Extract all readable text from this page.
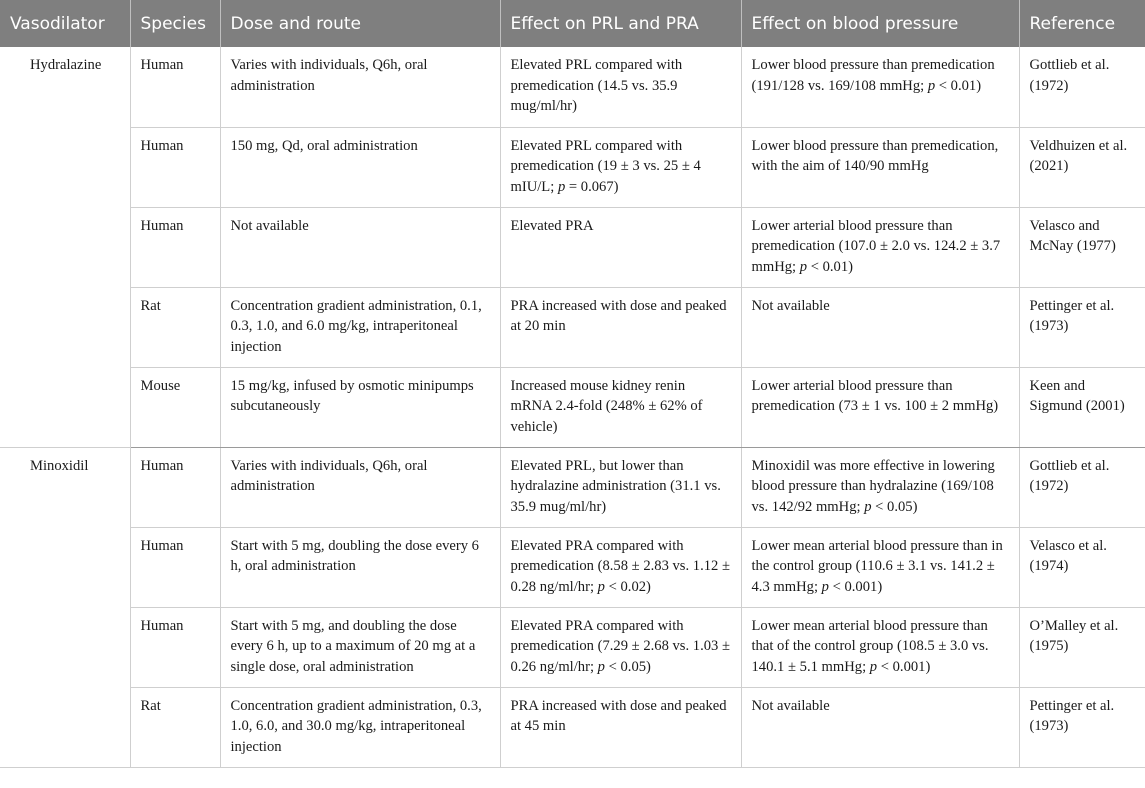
Vasodilator	Species	Dose and route	Effect on PRL and PRA	Effect on blood pressure	Reference
Hydralazine	Human	Varies with individuals, Q6h, oral administration	Elevated PRL compared with premedication (14.5 vs. 35.9 mug/ml/hr)	Lower blood pressure than premedication (191/128 vs. 169/108 mmHg; p < 0.01)	Gottlieb et al. (1972)
	Human	150 mg, Qd, oral administration	Elevated PRL compared with premedication (19 ± 3 vs. 25 ± 4 mIU/L; p = 0.067)	Lower blood pressure than premedication, with the aim of 140/90 mmHg	Veldhuizen et al. (2021)
	Human	Not available	Elevated PRA	Lower arterial blood pressure than premedication (107.0 ± 2.0 vs. 124.2 ± 3.7 mmHg; p < 0.01)	Velasco and McNay (1977)
	Rat	Concentration gradient administration, 0.1, 0.3, 1.0, and 6.0 mg/kg, intraperitoneal injection	PRA increased with dose and peaked at 20 min	Not available	Pettinger et al. (1973)
	Mouse	15 mg/kg, infused by osmotic minipumps subcutaneously	Increased mouse kidney renin mRNA 2.4-fold (248% ± 62% of vehicle)	Lower arterial blood pressure than premedication (73 ± 1 vs. 100 ± 2 mmHg)	Keen and Sigmund (2001)
Minoxidil	Human	Varies with individuals, Q6h, oral administration	Elevated PRL, but lower than hydralazine administration (31.1 vs. 35.9 mug/ml/hr)	Minoxidil was more effective in lowering blood pressure than hydralazine (169/108 vs. 142/92 mmHg; p < 0.05)	Gottlieb et al. (1972)
	Human	Start with 5 mg, doubling the dose every 6 h, oral administration	Elevated PRA compared with premedication (8.58 ± 2.83 vs. 1.12 ± 0.28 ng/ml/hr; p < 0.02)	Lower mean arterial blood pressure than in the control group (110.6 ± 3.1 vs. 141.2 ± 4.3 mmHg; p < 0.001)	Velasco et al. (1974)
	Human	Start with 5 mg, and doubling the dose every 6 h, up to a maximum of 20 mg at a single dose, oral administration	Elevated PRA compared with premedication (7.29 ± 2.68 vs. 1.03 ± 0.26 ng/ml/hr; p < 0.05)	Lower mean arterial blood pressure than that of the control group (108.5 ± 3.0 vs. 140.1 ± 5.1 mmHg; p < 0.001)	O’Malley et al. (1975)
	Rat	Concentration gradient administration, 0.3, 1.0, 6.0, and 30.0 mg/kg, intraperitoneal injection	PRA increased with dose and peaked at 45 min	Not available	Pettinger et al. (1973)
